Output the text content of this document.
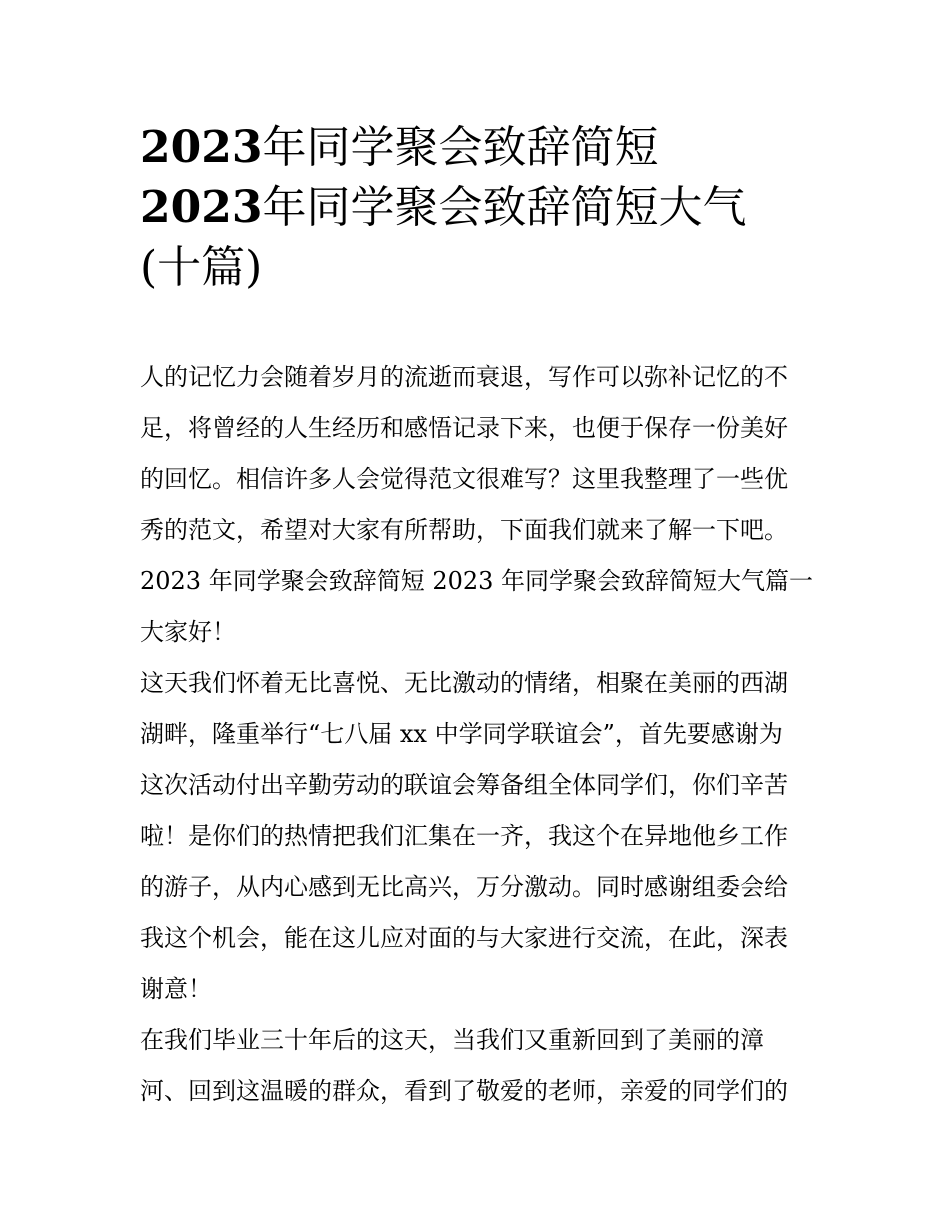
2023年同学聚会致辞简短
2023年同学聚会致辞简短大气
(十篇)
人的记忆力会随着岁月的流逝而衰退，写作可以弥补记忆的不
足，将曾经的人生经历和感悟记录下来，也便于保存一份美好
的回忆。相信许多人会觉得范文很难写？这里我整理了一些优
秀的范文，希望对大家有所帮助，下面我们就来了解一下吧。
2023 年同学聚会致辞简短 2023 年同学聚会致辞简短大气篇一
大家好！
这天我们怀着无比喜悦、无比激动的情绪，相聚在美丽的西湖
湖畔，隆重举行“七八届 xx 中学同学联谊会”，首先要感谢为
这次活动付出辛勤劳动的联谊会筹备组全体同学们，你们辛苦
啦！是你们的热情把我们汇集在一齐，我这个在异地他乡工作
的游子，从内心感到无比高兴，万分激动。同时感谢组委会给
我这个机会，能在这儿应对面的与大家进行交流，在此，深表
谢意！
在我们毕业三十年后的这天，当我们又重新回到了美丽的漳
河、回到这温暖的群众，看到了敬爱的老师，亲爱的同学们的
